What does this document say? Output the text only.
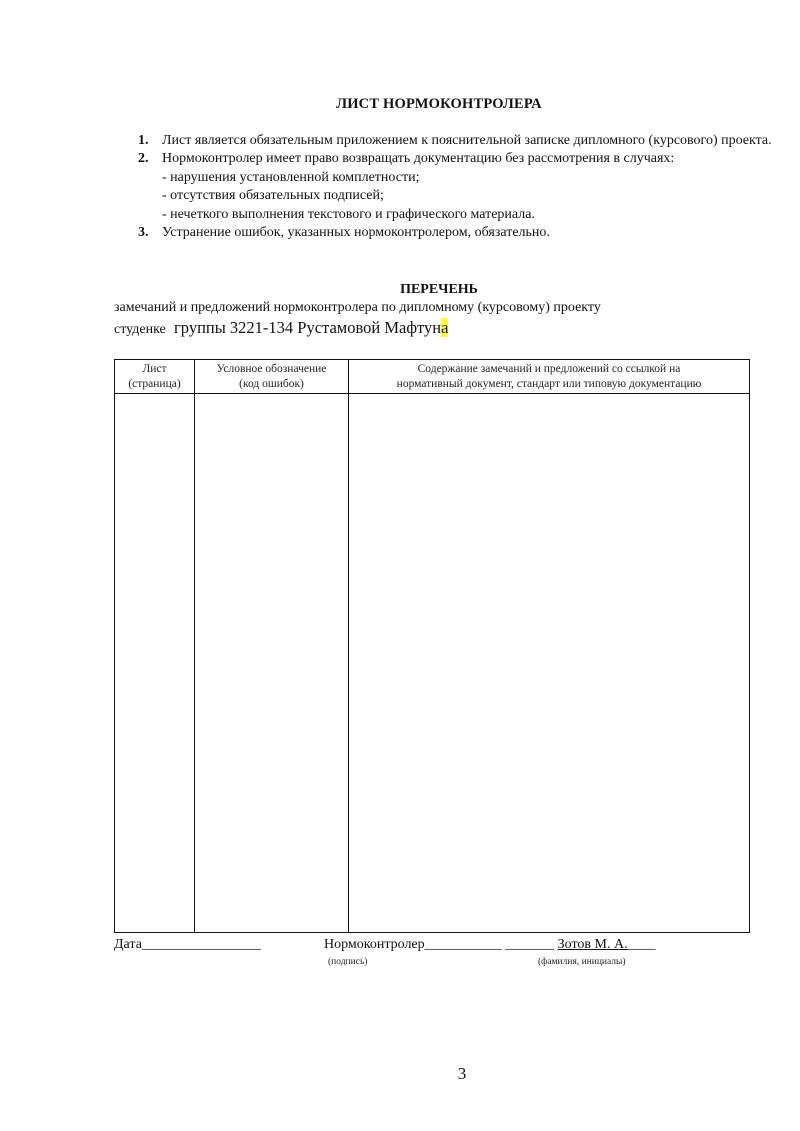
ЛИСТ НОРМОКОНТРОЛЕРА
1. Лист является обязательным приложением к пояснительной записке дипломного (курсового) проекта.
2. Нормоконтролер имеет право возвращать документацию без рассмотрения в случаях:
- нарушения установленной комплетности;
- отсутствия обязательных подписей;
- нечеткого выполнения текстового и графического материала.
3. Устранение ошибок, указанных нормоконтролером, обязательно.
ПЕРЕЧЕНЬ
замечаний и предложений нормоконтролера по дипломному (курсовому) проекту
студенке группы 3221-134 Рустамовой Мафтуна
Лист
(страница)
Условное обозначение
(код ошибок)
Содержание замечаний и предложений со ссылкой на
нормативный документ, стандарт или типовую документацию
Дата_________________	Нормоконтролер___________ _______ Зотов М. А.____
(подпись)	(фамилия, инициалы)
3
